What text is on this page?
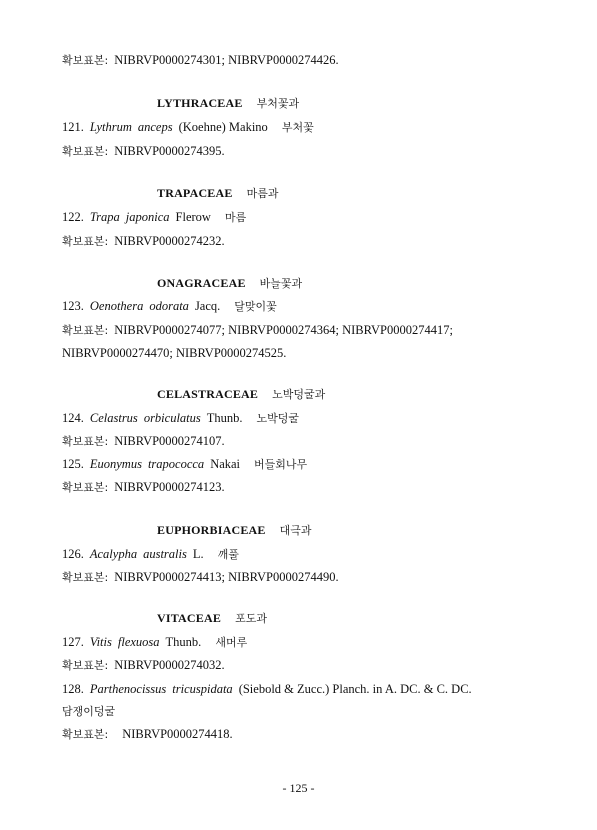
확보표본: NIBRVP0000274301; NIBRVP0000274426.
LYTHRACEAE 부처꽃과
121. Lythrum anceps (Koehne) Makino 부처꽃
확보표본: NIBRVP0000274395.
TRAPACEAE 마름과
122. Trapa japonica Flerow 마름
확보표본: NIBRVP0000274232.
ONAGRACEAE 바늘꽃과
123. Oenothera odorata Jacq. 달맞이꽃
확보표본: NIBRVP0000274077; NIBRVP0000274364; NIBRVP0000274417;
NIBRVP0000274470; NIBRVP0000274525.
CELASTRACEAE 노박덩굴과
124. Celastrus orbiculatus Thunb. 노박덩굴
확보표본: NIBRVP0000274107.
125. Euonymus trapococca Nakai 버들회나무
확보표본: NIBRVP0000274123.
EUPHORBIACEAE 대극과
126. Acalypha australis L. 깨풀
확보표본: NIBRVP0000274413; NIBRVP0000274490.
VITACEAE 포도과
127. Vitis flexuosa Thunb. 새머루
확보표본: NIBRVP0000274032.
128. Parthenocissus tricuspidata (Siebold & Zucc.) Planch. in A. DC. & C. DC.
담쟁이덩굴
확보표본: NIBRVP0000274418.
- 125 -
